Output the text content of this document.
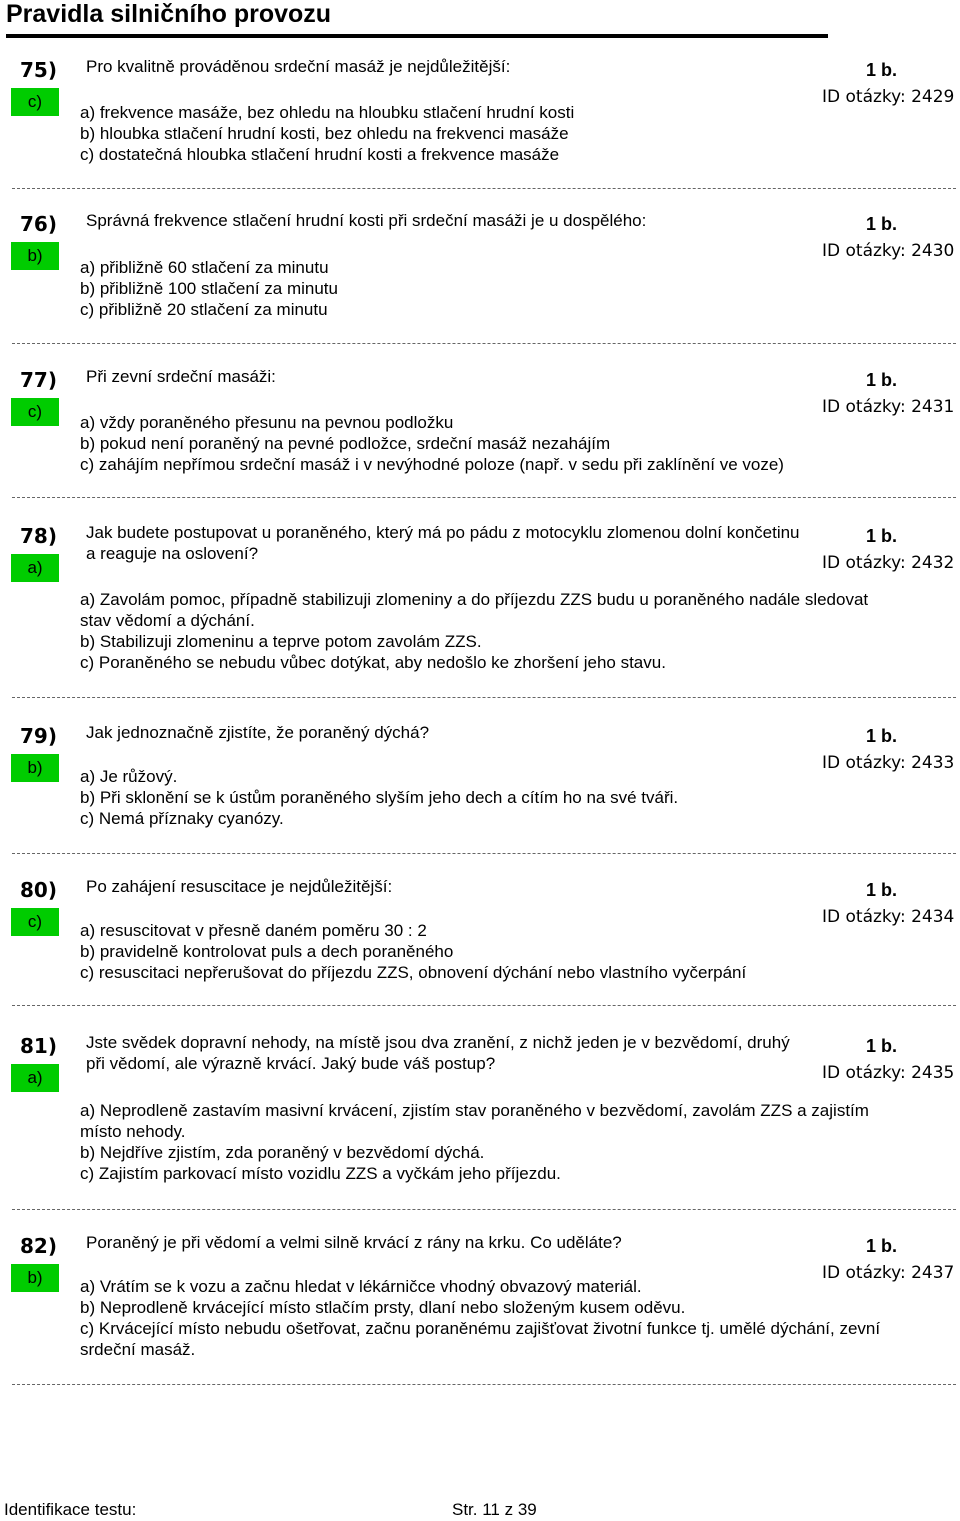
Pravidla silničního provozu
75)
c)
Pro kvalitně prováděnou srdeční masáž je nejdůležitější:	1 b.
ID otázky: 2429
a) frekvence masáže, bez ohledu na hloubku stlačení hrudní kosti
b) hloubka stlačení hrudní kosti, bez ohledu na frekvenci masáže
c) dostatečná hloubka stlačení hrudní kosti a frekvence masáže
76)
b)
Správná frekvence stlačení hrudní kosti při srdeční masáži je u dospělého:	1 b.
ID otázky: 2430
a) přibližně 60 stlačení za minutu
b) přibližně 100 stlačení za minutu
c) přibližně 20 stlačení za minutu
77)
c)
Při zevní srdeční masáži:	1 b.
ID otázky: 2431
a) vždy poraněného přesunu na pevnou podložku
b) pokud není poraněný na pevné podložce, srdeční masáž nezahájím
c) zahájím nepřímou srdeční masáž i v nevýhodné poloze (např. v sedu při zaklínění ve voze)
78)
a)
Jak budete postupovat u poraněného, který má po pádu z motocyklu zlomenou dolní končetinu a reaguje na oslovení?
1 b.
ID otázky: 2432
a) Zavolám pomoc, případně stabilizuji zlomeniny a do příjezdu ZZS budu u poraněného nadále sledovat stav vědomí a dýchání.
b) Stabilizuji zlomeninu a teprve potom zavolám ZZS.
c) Poraněného se nebudu vůbec dotýkat, aby nedošlo ke zhoršení jeho stavu.
79)
b)
Jak jednoznačně zjistíte, že poraněný dýchá?	1 b.
ID otázky: 2433
a) Je růžový.
b) Při sklonění se k ústům poraněného slyším jeho dech a cítím ho na své tváři.
c) Nemá příznaky cyanózy.
80)
c)
Po zahájení resuscitace je nejdůležitější:	1 b.
ID otázky: 2434
a) resuscitovat v přesně daném poměru 30 : 2
b) pravidelně kontrolovat puls a dech poraněného
c) resuscitaci nepřerušovat do příjezdu ZZS, obnovení dýchání nebo vlastního vyčerpání
81)
a)
Jste svědek dopravní nehody, na místě jsou dva zranění, z nichž jeden je v bezvědomí, druhý při vědomí, ale výrazně krvácí. Jaký bude váš postup?
1 b.
ID otázky: 2435
a) Neprodleně zastavím masivní krvácení, zjistím stav poraněného v bezvědomí, zavolám ZZS a zajistím místo nehody.
b) Nejdříve zjistím, zda poraněný v bezvědomí dýchá.
c) Zajistím parkovací místo vozidlu ZZS a vyčkám jeho příjezdu.
82)
b)
Poraněný je při vědomí a velmi silně krvácí z rány na krku. Co uděláte?	1 b.
ID otázky: 2437
a) Vrátím se k vozu a začnu hledat v lékárničce vhodný obvazový materiál.
b) Neprodleně krvácející místo stlačím prsty, dlaní nebo složeným kusem oděvu.
c) Krvácející místo nebudu ošetřovat, začnu poraněnému zajišťovat životní funkce tj. umělé dýchání, zevní srdeční masáž.
Identifikace testu:	Str. 11 z 39
